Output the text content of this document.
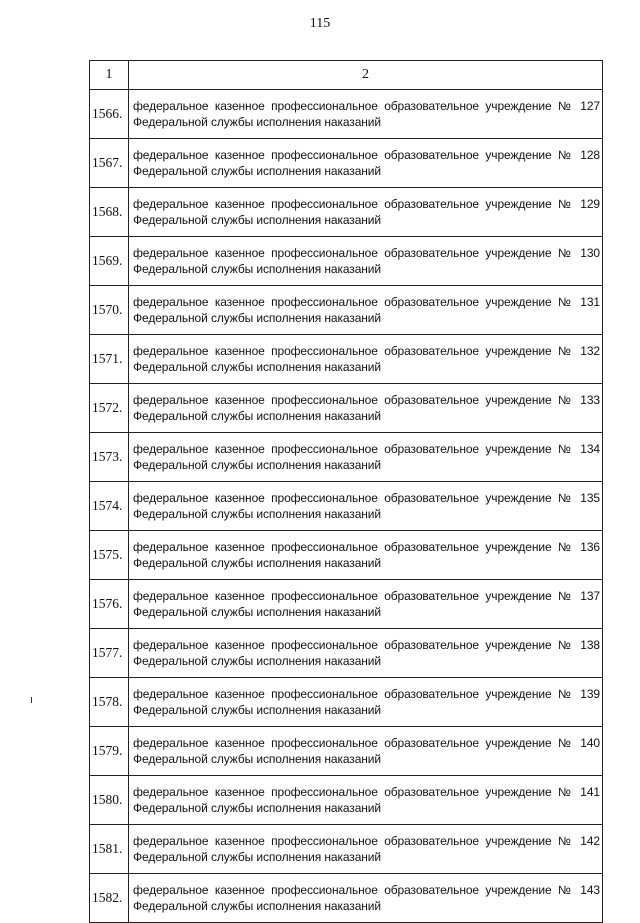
115
1	2
1566.	федеральное казенное профессиональное образовательное учреждение № 127
Федеральной службы исполнения наказаний

1567.	федеральное казенное профессиональное образовательное учреждение № 128
Федеральной службы исполнения наказаний

1568.	федеральное казенное профессиональное образовательное учреждение № 129
Федеральной службы исполнения наказаний

1569.	федеральное казенное профессиональное образовательное учреждение № 130
Федеральной службы исполнения наказаний

1570.	федеральное казенное профессиональное образовательное учреждение № 131
Федеральной службы исполнения наказаний

1571.	федеральное казенное профессиональное образовательное учреждение № 132
Федеральной службы исполнения наказаний

1572.	федеральное казенное профессиональное образовательное учреждение № 133
Федеральной службы исполнения наказаний

1573.	федеральное казенное профессиональное образовательное учреждение № 134
Федеральной службы исполнения наказаний

1574.	федеральное казенное профессиональное образовательное учреждение № 135
Федеральной службы исполнения наказаний

1575.	федеральное казенное профессиональное образовательное учреждение № 136
Федеральной службы исполнения наказаний

1576.	федеральное казенное профессиональное образовательное учреждение № 137
Федеральной службы исполнения наказаний

1577.	федеральное казенное профессиональное образовательное учреждение № 138
Федеральной службы исполнения наказаний

1578.	федеральное казенное профессиональное образовательное учреждение № 139
Федеральной службы исполнения наказаний

1579.	федеральное казенное профессиональное образовательное учреждение № 140
Федеральной службы исполнения наказаний

1580.	федеральное казенное профессиональное образовательное учреждение № 141
Федеральной службы исполнения наказаний

1581.	федеральное казенное профессиональное образовательное учреждение № 142
Федеральной службы исполнения наказаний

1582.	федеральное казенное профессиональное образовательное учреждение № 143
Федеральной службы исполнения наказаний
